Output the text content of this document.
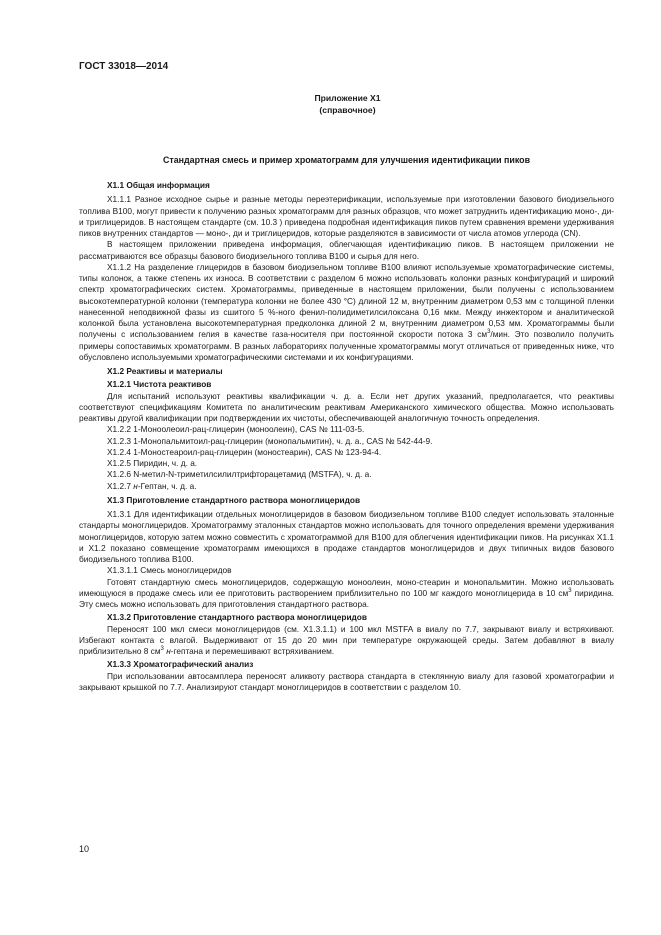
ГОСТ 33018—2014
Приложение Х1
(справочное)
Стандартная смесь и пример хроматограмм для улучшения идентификации пиков

Х1.1 Общая информация

Х1.1.1 Разное исходное сырье и разные методы переэтерификации, используемые при изготовлении базового биодизельного топлива В100, могут привести к получению разных хроматограмм для разных образцов, что может затруднить идентификацию моно-, ди- и триглицеридов. В настоящем стандарте (см. 10.3 ) приведена подробная идентификация пиков путем сравнения времени удерживания пиков внутренних стандартов — моно-, ди и триглицеридов, которые разделяются в зависимости от числа атомов углерода (CN).

В настоящем приложении приведена информация, облегчающая идентификацию пиков. В настоящем приложении не рассматриваются все образцы базового биодизельного топлива В100 и сырья для него.

Х1.1.2 На разделение глицеридов в базовом биодизельном топливе В100 влияют используемые хроматографические системы, типы колонок, а также степень их износа. В соответствии с разделом 6 можно использовать колонки разных конфигураций и широкий спектр хроматографических систем. Хроматограммы, приведенные в настоящем приложении, были получены с использованием высокотемпературной колонки (температура колонки не более 430 °С) длиной 12 м, внутренним диаметром 0,53 мм с толщиной пленки нанесенной неподвижной фазы из сшитого 5 %-ного фенил-полидиметилсилоксана 0,16 мкм. Между инжектором и аналитической колонкой была установлена высокотемпературная предколонка длиной 2 м, внутренним диаметром 0,53 мм. Хроматограммы были получены с использованием гелия в качестве газа-носителя при постоянной скорости потока 3 $см^3$/мин. Это позволило получить примеры сопоставимых хроматограмм. В разных лабораториях полученные хроматограммы могут отличаться от приведенных ниже, что обусловлено используемыми хроматографическими системами и их конфигурациями.

Х1.2 Реактивы и материалы

Х1.2.1 Чистота реактивов

Для испытаний используют реактивы квалификации ч. д. а. Если нет других указаний, предполагается, что реактивы соответствуют спецификациям Комитета по аналитическим реактивам Американского химического общества. Можно использовать реактивы другой квалификации при подтверждении их чистоты, обеспечивающей аналогичную точность определения.

Х1.2.2 1-Моноолеоил-рац-глицерин (моноолеин), CAS № 111-03-5.

Х1.2.3 1-Монопальмитоил-рац-глицерин (монопальмитин), ч. д. а., CAS № 542-44-9.

Х1.2.4 1-Моностеароил-рац-глицерин (моностеарин), CAS № 123-94-4.

Х1.2.5 Пиридин, ч. д. а.

Х1.2.6 N-метил-N-триметилсилилтрифторацетамид (MSTFA), ч. д. а.

Х1.2.7 н-Гептан, ч. д. а.

Х1.3 Приготовление стандартного раствора моноглицеридов

Х1.3.1 Для идентификации отдельных моноглицеридов в базовом биодизельном топливе В100 следует использовать эталонные стандарты моноглицеридов. Хроматограмму эталонных стандартов можно использовать для точного определения времени удерживания моноглицеридов, которую затем можно совместить с хроматограммой для В100 для облегчения идентификации пиков. На рисунках Х1.1 и Х1.2 показано совмещение хроматограмм имеющихся в продаже стандартов моноглицеридов и двух типичных видов базового биодизельного топлива В100.

Х1.3.1.1 Смесь моноглицеридов

Готовят стандартную смесь моноглицеридов, содержащую моноолеин, моно-стеарин и монопальмитин. Можно использовать имеющуюся в продаже смесь или ее приготовить растворением приблизительно по 100 мг каждого моноглицерида в 10 $см^3$ пиридина. Эту смесь можно использовать для приготовления стандартного раствора.

Х1.3.2 Приготовление стандартного раствора моноглицеридов

Переносят 100 мкл смеси моноглицеридов (см. Х1.3.1.1) и 100 мкл MSTFA в виалу по 7.7, закрывают виалу и встряхивают. Избегают контакта с влагой. Выдерживают от 15 до 20 мин при температуре окружающей среды. Затем добавляют в виалу приблизительно 8 $см^3$ н-гептана и перемешивают встряхиванием.

Х1.3.3 Хроматографический анализ

При использовании автосамплера переносят аликвоту раствора стандарта в стеклянную виалу для газовой хроматографии и закрывают крышкой по 7.7. Анализируют стандарт моноглицеридов в соответствии с разделом 10.

10
